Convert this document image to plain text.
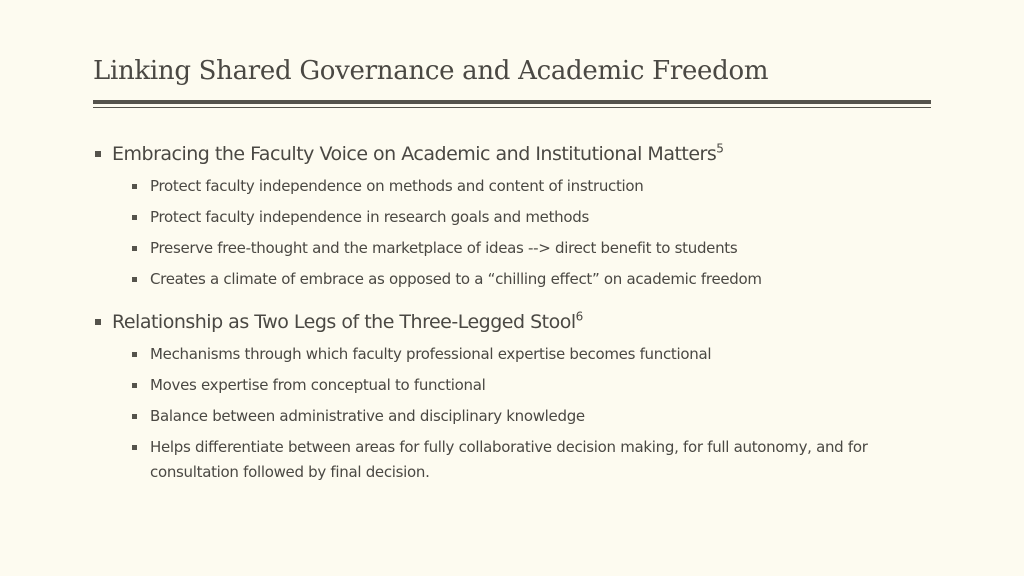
Linking Shared Governance and Academic Freedom
Embracing the Faculty Voice on Academic and Institutional Matters$^5$
Protect faculty independence on methods and content of instruction
Protect faculty independence in research goals and methods
Preserve free-thought and the marketplace of ideas --> direct benefit to students
Creates a climate of embrace as opposed to a “chilling effect” on academic freedom
Relationship as Two Legs of the Three-Legged Stool$^6$
Mechanisms through which faculty professional expertise becomes functional
Moves expertise from conceptual to functional
Balance between administrative and disciplinary knowledge
Helps differentiate between areas for fully collaborative decision making, for full autonomy, and for consultation followed by final decision.
